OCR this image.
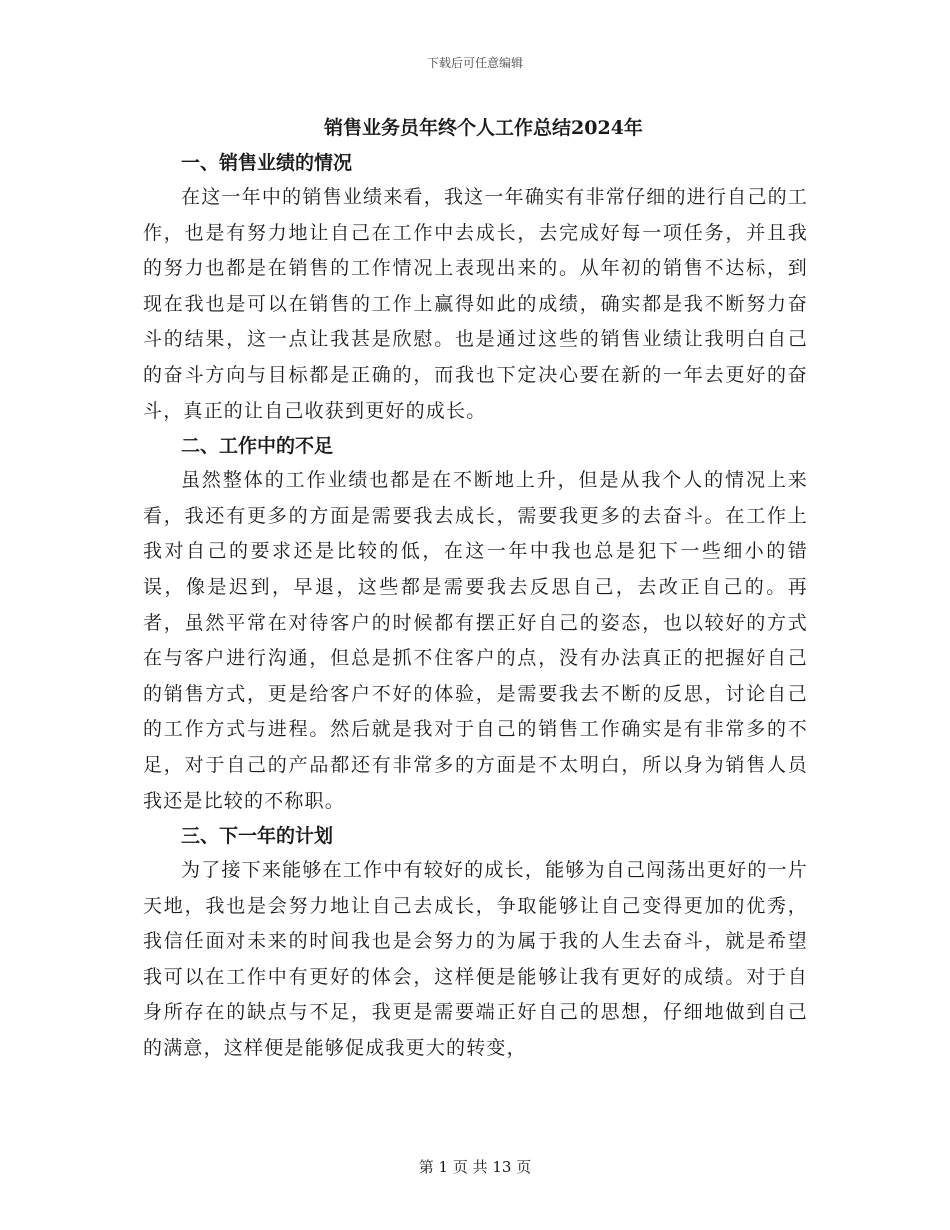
下载后可任意编辑
销售业务员年终个人工作总结2024年
一、销售业绩的情况

在这一年中的销售业绩来看，我这一年确实有非常仔细的进行自己的工作，也是有努力地让自己在工作中去成长，去完成好每一项任务，并且我的努力也都是在销售的工作情况上表现出来的。从年初的销售不达标，到现在我也是可以在销售的工作上赢得如此的成绩，确实都是我不断努力奋斗的结果，这一点让我甚是欣慰。也是通过这些的销售业绩让我明白自己的奋斗方向与目标都是正确的，而我也下定决心要在新的一年去更好的奋斗，真正的让自己收获到更好的成长。

二、工作中的不足

虽然整体的工作业绩也都是在不断地上升，但是从我个人的情况上来看，我还有更多的方面是需要我去成长，需要我更多的去奋斗。在工作上我对自己的要求还是比较的低，在这一年中我也总是犯下一些细小的错误，像是迟到，早退，这些都是需要我去反思自己，去改正自己的。再者，虽然平常在对待客户的时候都有摆正好自己的姿态，也以较好的方式在与客户进行沟通，但总是抓不住客户的点，没有办法真正的把握好自己的销售方式，更是给客户不好的体验，是需要我去不断的反思，讨论自己的工作方式与进程。然后就是我对于自己的销售工作确实是有非常多的不足，对于自己的产品都还有非常多的方面是不太明白，所以身为销售人员我还是比较的不称职。

三、下一年的计划

为了接下来能够在工作中有较好的成长，能够为自己闯荡出更好的一片天地，我也是会努力地让自己去成长，争取能够让自己变得更加的优秀，我信任面对未来的时间我也是会努力的为属于我的人生去奋斗，就是希望我可以在工作中有更好的体会，这样便是能够让我有更好的成绩。对于自身所存在的缺点与不足，我更是需要端正好自己的思想，仔细地做到自己的满意，这样便是能够促成我更大的转变，

第 1 页 共 13 页
